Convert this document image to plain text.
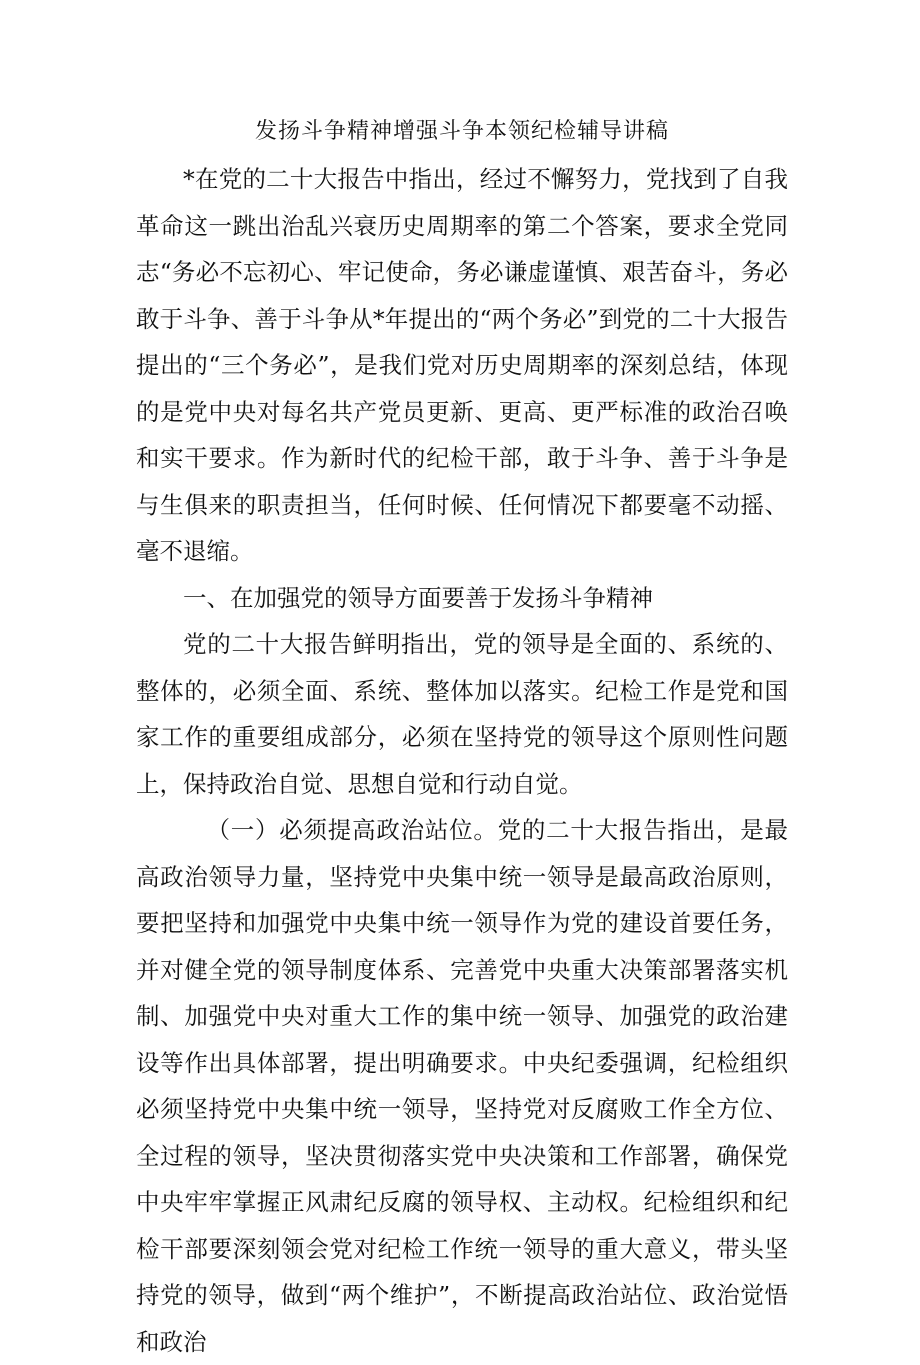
发扬斗争精神增强斗争本领纪检辅导讲稿

*在党的二十大报告中指出，经过不懈努力，党找到了自我革命这一跳出治乱兴衰历史周期率的第二个答案，要求全党同志“务必不忘初心、牢记使命，务必谦虚谨慎、艰苦奋斗，务必敢于斗争、善于斗争从*年提出的“两个务必”到党的二十大报告提出的“三个务必”，是我们党对历史周期率的深刻总结，体现的是党中央对每名共产党员更新、更高、更严标准的政治召唤和实干要求。作为新时代的纪检干部，敢于斗争、善于斗争是与生俱来的职责担当，任何时候、任何情况下都要毫不动摇、毫不退缩。

一、在加强党的领导方面要善于发扬斗争精神

党的二十大报告鲜明指出，党的领导是全面的、系统的、整体的，必须全面、系统、整体加以落实。纪检工作是党和国家工作的重要组成部分，必须在坚持党的领导这个原则性问题上，保持政治自觉、思想自觉和行动自觉。

（一）必须提高政治站位。党的二十大报告指出，是最高政治领导力量，坚持党中央集中统一领导是最高政治原则，要把坚持和加强党中央集中统一领导作为党的建设首要任务，并对健全党的领导制度体系、完善党中央重大决策部署落实机制、加强党中央对重大工作的集中统一领导、加强党的政治建设等作出具体部署，提出明确要求。中央纪委强调，纪检组织必须坚持党中央集中统一领导，坚持党对反腐败工作全方位、全过程的领导，坚决贯彻落实党中央决策和工作部署，确保党中央牢牢掌握正风肃纪反腐的领导权、主动权。纪检组织和纪检干部要深刻领会党对纪检工作统一领导的重大意义，带头坚持党的领导，做到“两个维护”，不断提高政治站位、政治觉悟和政治
